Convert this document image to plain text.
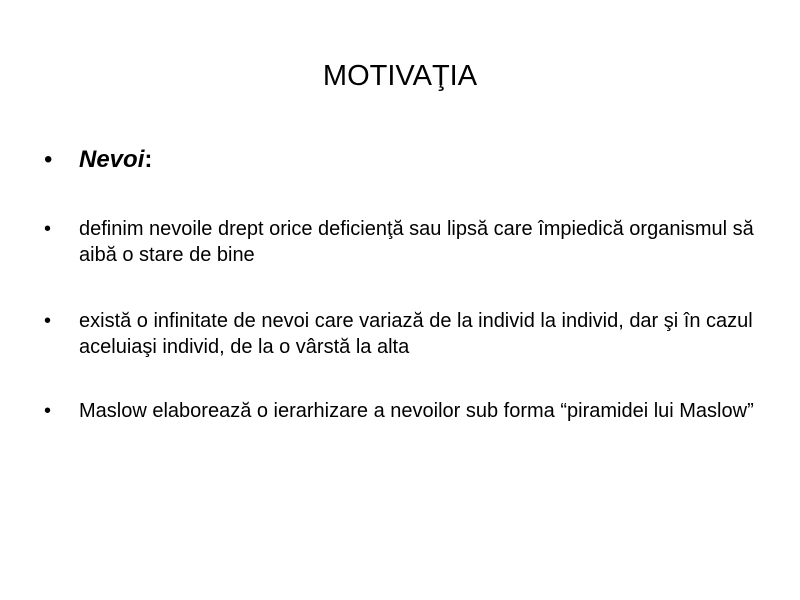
MOTIVAŢIA
•	Nevoi:
•	definim nevoile drept orice deficienţă sau lipsă care împiedică organismul să aibă o stare de bine
•	există o infinitate de nevoi care variază de la individ la individ, dar şi în cazul aceluiaşi individ, de la o vârstă la alta
•	Maslow elaborează o ierarhizare a nevoilor sub forma “piramidei lui Maslow”
